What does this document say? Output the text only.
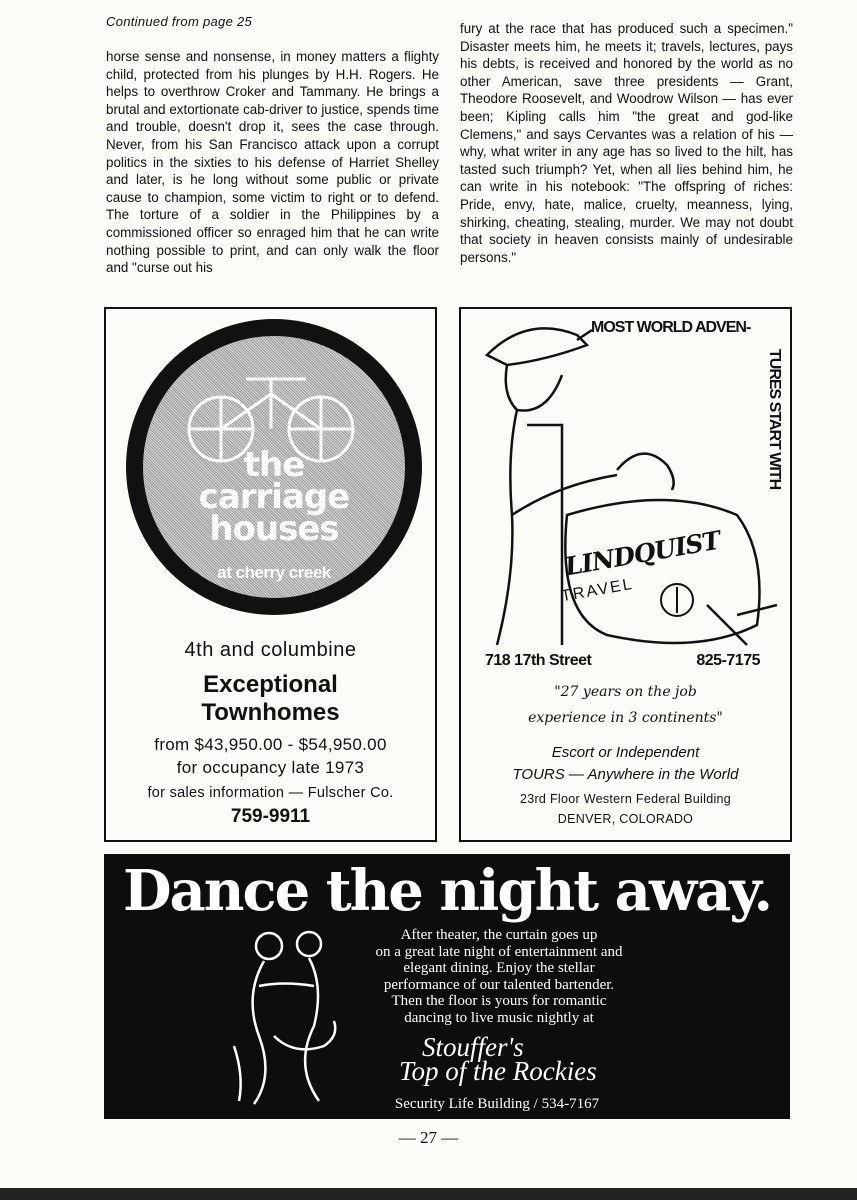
Continued from page 25
horse sense and nonsense, in money matters a flighty child, protected from his plunges by H.H. Rogers. He helps to overthrow Croker and Tammany. He brings a brutal and extortionate cab-driver to justice, spends time and trouble, doesn't drop it, sees the case through. Never, from his San Francisco attack upon a corrupt politics in the sixties to his defense of Harriet Shelley and later, is he long without some public or private cause to champion, some victim to right or to defend. The torture of a soldier in the Philippines by a commissioned officer so enraged him that he can write nothing possible to print, and can only walk the floor and "curse out his
fury at the race that has produced such a specimen." Disaster meets him, he meets it; travels, lectures, pays his debts, is received and honored by the world as no other American, save three presidents — Grant, Theodore Roosevelt, and Woodrow Wilson — has ever been; Kipling calls him "the great and god-like Clemens," and says Cervantes was a relation of his — why, what writer in any age has so lived to the hilt, has tasted such triumph? Yet, when all lies behind him, he can write in his notebook: "The offspring of riches: Pride, envy, hate, malice, cruelty, meanness, lying, shirking, cheating, stealing, murder. We may not doubt that society in heaven consists mainly of undesirable persons."
the
carriage
houses
at cherry creek
4th and columbine
Exceptional
Townhomes
from $43,950.00 - $54,950.00
for occupancy late 1973
for sales information — Fulscher Co.
759-9911
MOST WORLD ADVEN-
TURES START WITH
LINDQUIST
TRAVEL
718 17th Street	825-7175
"27 years on the job
experience in 3 continents"
Escort or Independent
TOURS — Anywhere in the World
23rd Floor Western Federal Building
DENVER, COLORADO
Dance the night away.
After theater, the curtain goes up
on a great late night of entertainment and
elegant dining. Enjoy the stellar
performance of our talented bartender.
Then the floor is yours for romantic
dancing to live music nightly at
Stouffer's
Top of the Rockies
Security Life Building / 534-7167
— 27 —
